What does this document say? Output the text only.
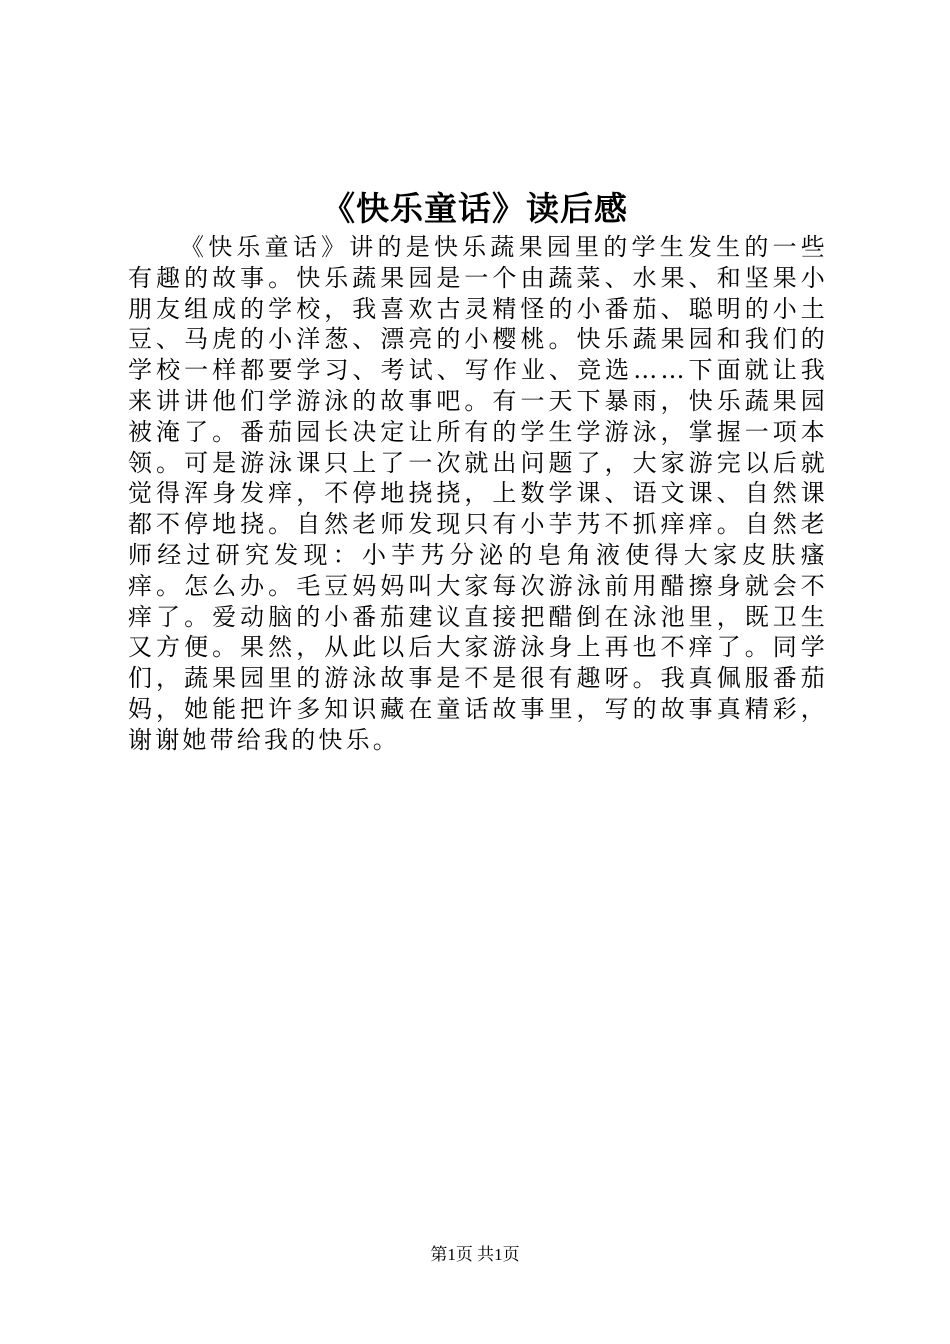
《快乐童话》读后感

《快乐童话》讲的是快乐蔬果园里的学生发生的一些有趣的故事。快乐蔬果园是一个由蔬菜、水果、和坚果小朋友组成的学校，我喜欢古灵精怪的小番茄、聪明的小土豆、马虎的小洋葱、漂亮的小樱桃。快乐蔬果园和我们的学校一样都要学习、考试、写作业、竞选……下面就让我来讲讲他们学游泳的故事吧。有一天下暴雨，快乐蔬果园被淹了。番茄园长决定让所有的学生学游泳，掌握一项本领。可是游泳课只上了一次就出问题了，大家游完以后就觉得浑身发痒，不停地挠挠，上数学课、语文课、自然课都不停地挠。自然老师发现只有小芋艿不抓痒痒。自然老师经过研究发现：小芋艿分泌的皂角液使得大家皮肤瘙痒。怎么办。毛豆妈妈叫大家每次游泳前用醋擦身就会不痒了。爱动脑的小番茄建议直接把醋倒在泳池里，既卫生又方便。果然，从此以后大家游泳身上再也不痒了。同学们，蔬果园里的游泳故事是不是很有趣呀。我真佩服番茄妈，她能把许多知识藏在童话故事里，写的故事真精彩，谢谢她带给我的快乐。

第1页 共1页
